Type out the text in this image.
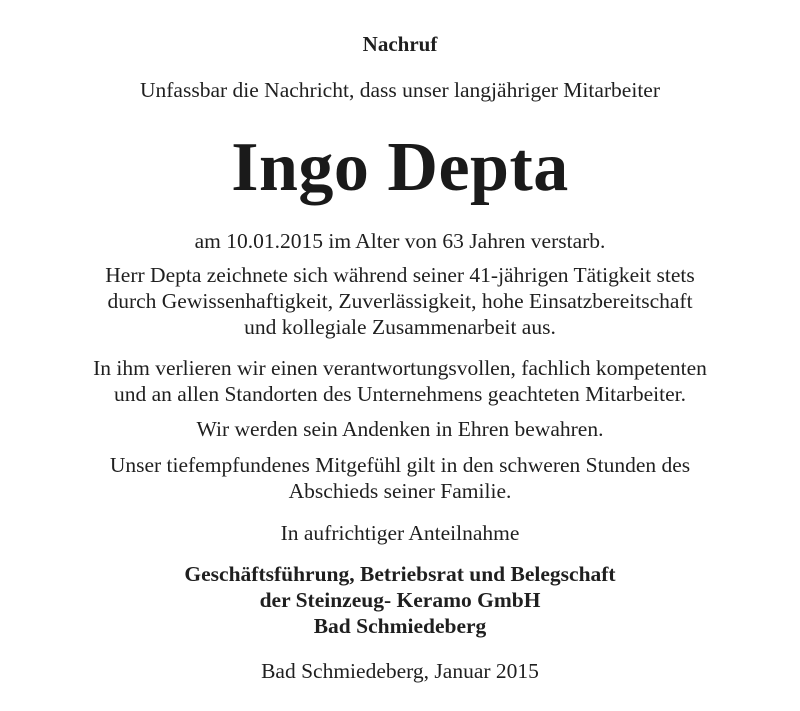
Nachruf
Unfassbar die Nachricht, dass unser langjähriger Mitarbeiter
Ingo Depta
am 10.01.2015 im Alter von 63 Jahren verstarb.
Herr Depta zeichnete sich während seiner 41-jährigen Tätigkeit stets
durch Gewissenhaftigkeit, Zuverlässigkeit, hohe Einsatzbereitschaft
und kollegiale Zusammenarbeit aus.
In ihm verlieren wir einen verantwortungsvollen, fachlich kompetenten
und an allen Standorten des Unternehmens geachteten Mitarbeiter.
Wir werden sein Andenken in Ehren bewahren.
Unser tiefempfundenes Mitgefühl gilt in den schweren Stunden des
Abschieds seiner Familie.
In aufrichtiger Anteilnahme
Geschäftsführung, Betriebsrat und Belegschaft
der Steinzeug- Keramo GmbH
Bad Schmiedeberg
Bad Schmiedeberg, Januar 2015
